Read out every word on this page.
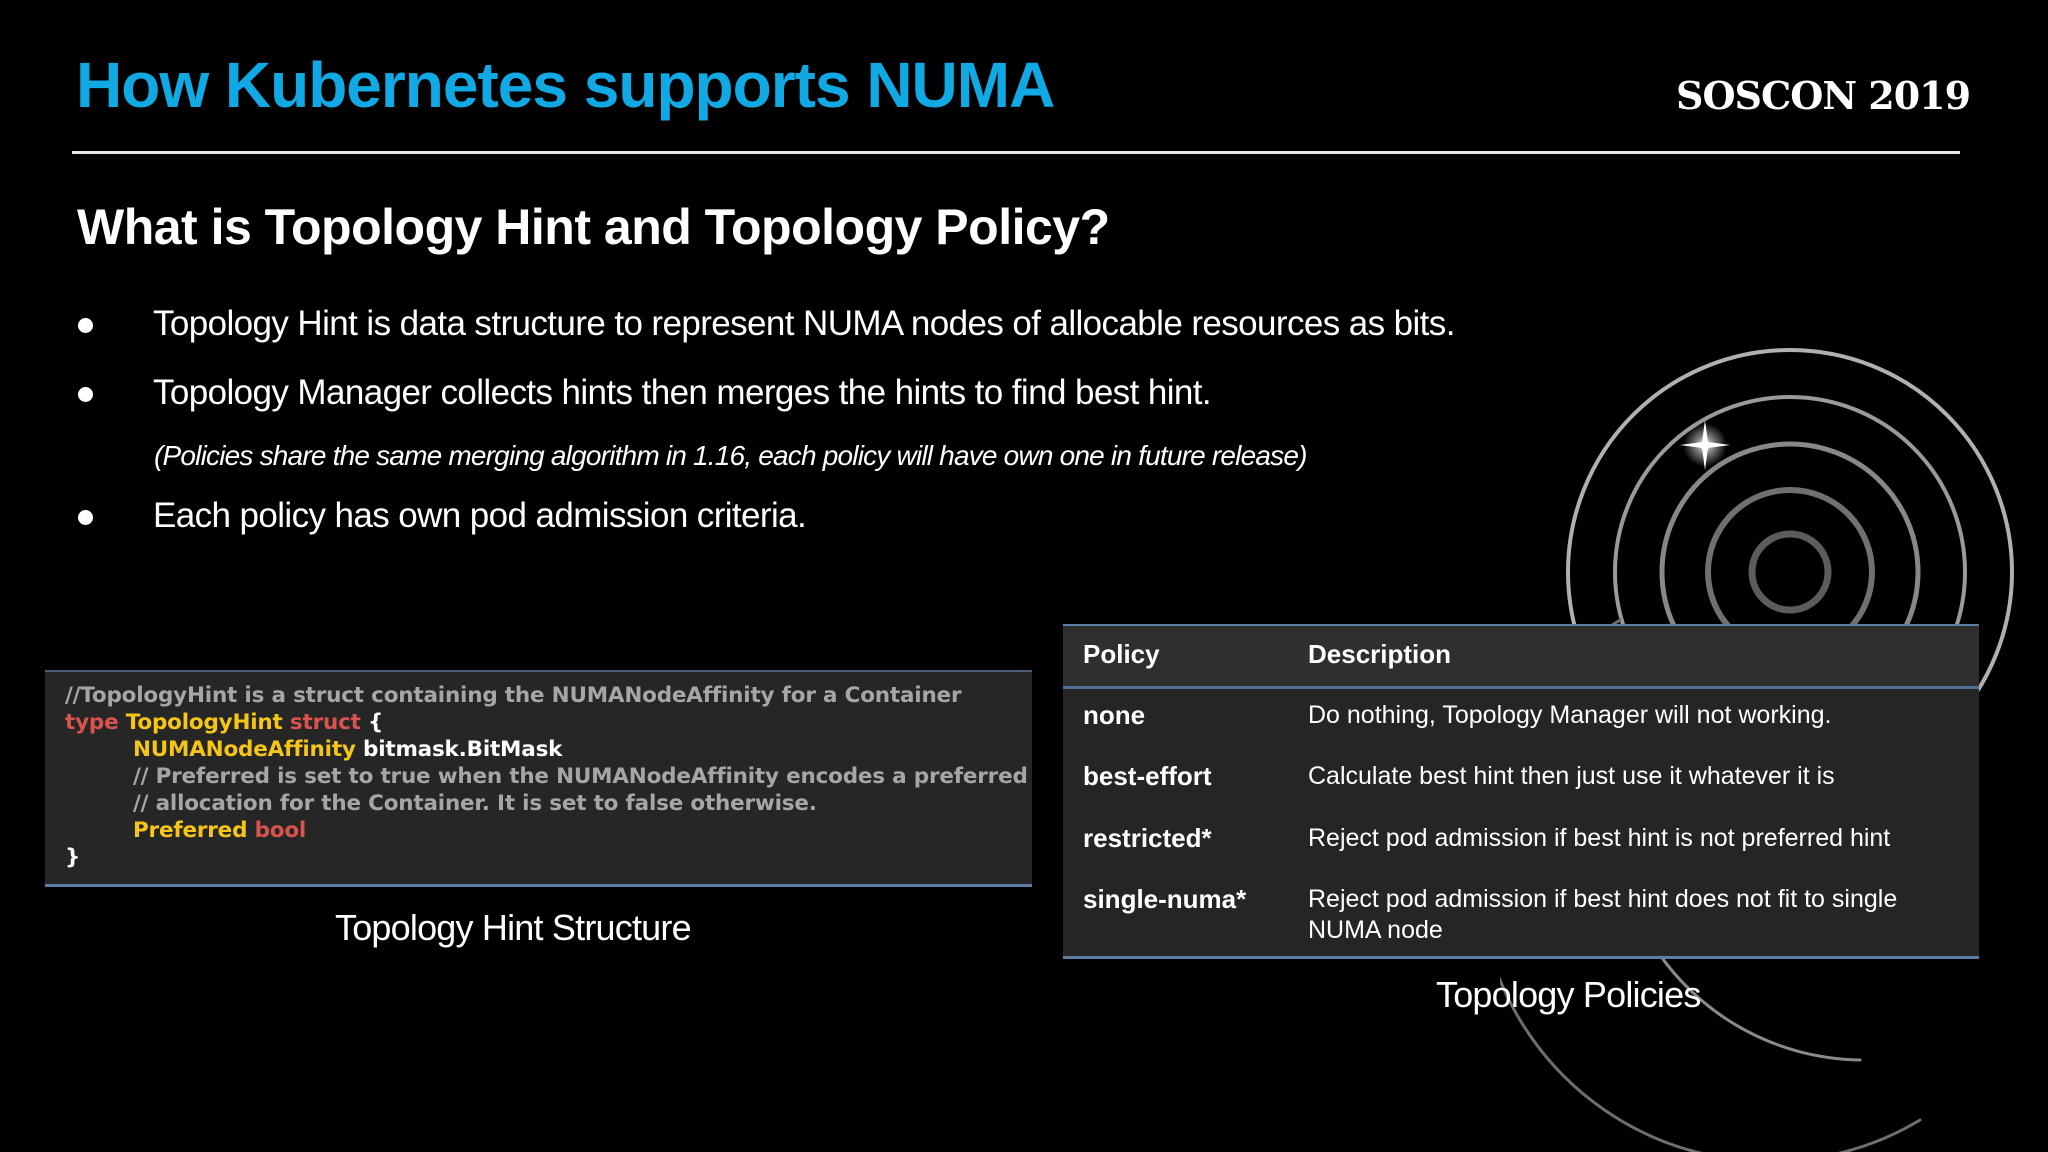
How Kubernetes supports NUMA	SOSCON 2019
What is Topology Hint and Topology Policy?
Topology Hint is data structure to represent NUMA nodes of allocable resources as bits.
Topology Manager collects hints then merges the hints to find best hint.
Each policy has own pod admission criteria.
(Policies share the same merging algorithm in 1.16, each policy will have own one in future release)
//TopologyHint is a struct containing the NUMANodeAffinity for a Container
type TopologyHint struct {
NUMANodeAffinity bitmask.BitMask
// Preferred is set to true when the NUMANodeAffinity encodes a preferred
// allocation for the Container. It is set to false otherwise.
Preferred bool
}
Topology Hint Structure
Policy	Description
none	Do nothing, Topology Manager will not working.
best-effort	Calculate best hint then just use it whatever it is
restricted*	Reject pod admission if best hint is not preferred hint
single-numa* Reject pod admission if best hint does not fit to single NUMA node
Topology Policies
